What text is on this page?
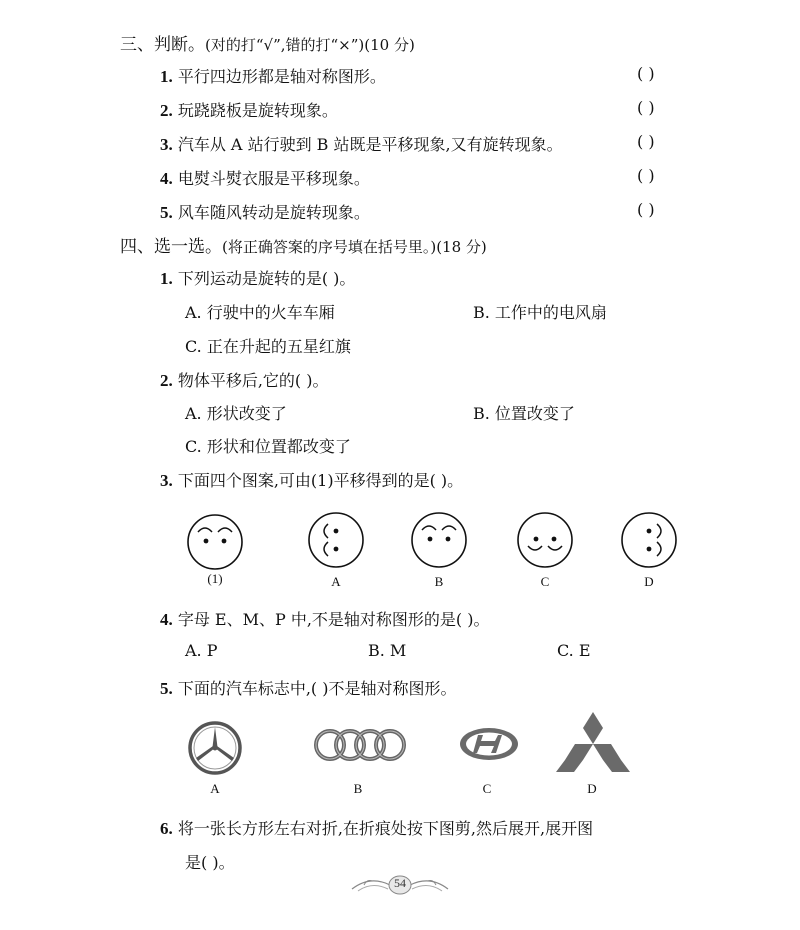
三、判断。(对的打“√”,错的打“×”)(10 分)
1. 平行四边形都是轴对称图形。	( )
2. 玩跷跷板是旋转现象。	( )
3. 汽车从 A 站行驶到 B 站既是平移现象,又有旋转现象。	( )
4. 电熨斗熨衣服是平移现象。	( )
5. 风车随风转动是旋转现象。	( )
四、选一选。(将正确答案的序号填在括号里。)(18 分)
1. 下列运动是旋转的是( )。
A. 行驶中的火车车厢	B. 工作中的电风扇
C. 正在升起的五星红旗
2. 物体平移后,它的( )。
A. 形状改变了	B. 位置改变了
C. 形状和位置都改变了
3. 下面四个图案,可由(1)平移得到的是( )。
(1)	A	B	C	D
4. 字母 E、M、P 中,不是轴对称图形的是( )。
A. P	B. M	C. E
5. 下面的汽车标志中,( )不是轴对称图形。
A	B	C	D
6. 将一张长方形左右对折,在折痕处按下图剪,然后展开,展开图
是( )。
54
